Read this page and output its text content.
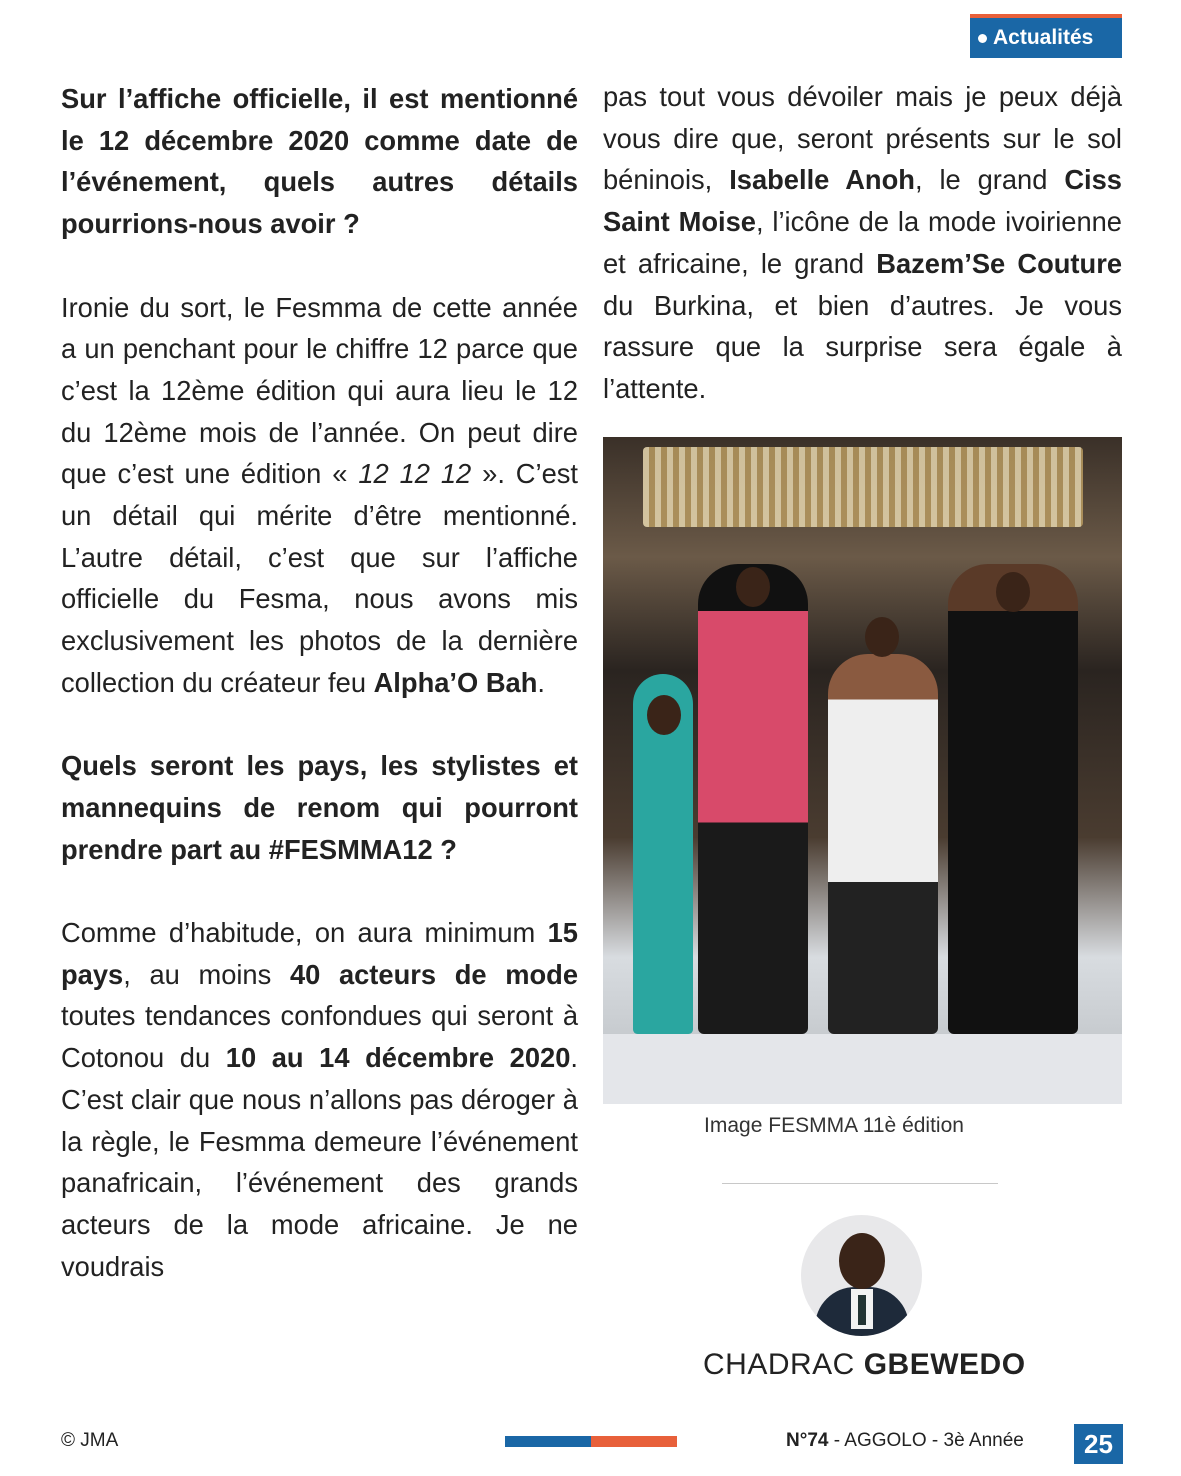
Actualités

Sur l’affiche officielle, il est mentionné le 12 décembre 2020 comme date de l’événement, quels autres détails pourrions-nous avoir ?

Ironie du sort, le Fesmma de cette année a un penchant pour le chiffre 12 parce que c’est la 12ème édition qui aura lieu le 12 du 12ème mois de l’année. On peut dire que c’est une édition « 12 12 12 ». C’est un détail qui mérite d’être mentionné. L’autre détail, c’est que sur l’affiche officielle du Fesma, nous avons mis exclusivement les photos de la dernière collection du créateur feu Alpha’O Bah.

Quels seront les pays, les stylistes et mannequins de renom qui pourront prendre part au #FESMMA12 ?

Comme d’habitude, on aura minimum 15 pays, au moins 40 acteurs de mode toutes tendances confondues qui seront à Cotonou du 10 au 14 décembre 2020. C’est clair que nous n’allons pas déroger à la règle, le Fesmma demeure l’événement panafricain, l’événement des grands acteurs de la mode africaine. Je ne voudrais

pas tout vous dévoiler mais je peux déjà vous dire que, seront présents sur le sol béninois, Isabelle Anoh, le grand Ciss Saint Moise, l’icône de la mode ivoirienne et africaine, le grand Bazem’Se Couture du Burkina, et bien d’autres. Je vous rassure que la surprise sera égale à l’attente.

Image FESMMA 11è édition
CHADRAC GBEWEDO
© JMA	N°74 - AGGOLO - 3è Année	25
